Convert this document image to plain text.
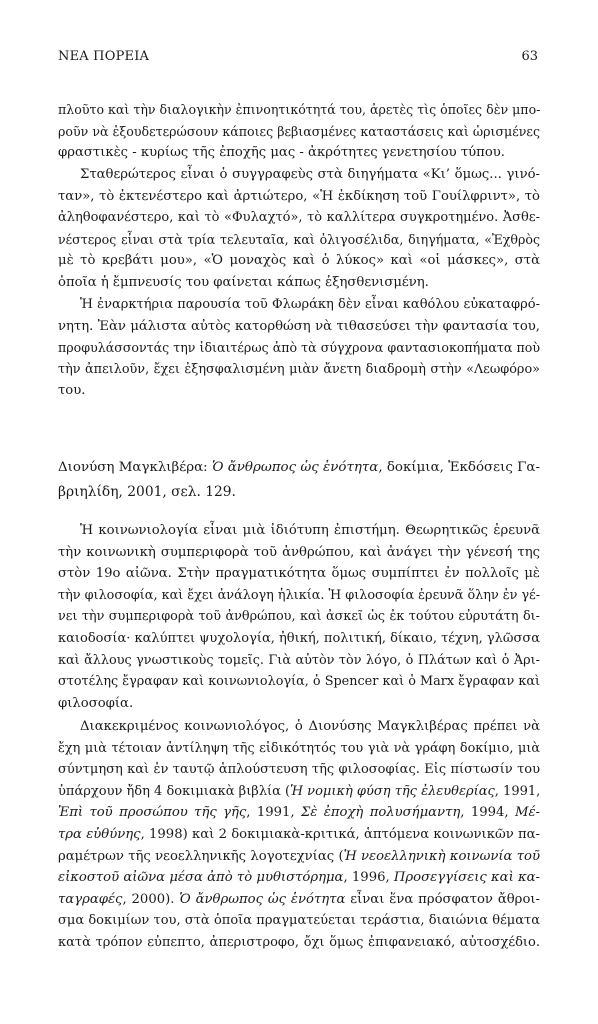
ΝΕΑ ΠΟΡΕΙΑ	63
πλοῦτο καὶ τὴν διαλογικὴν ἐπινοητικότητά του, ἀρετὲς τὶς ὁποῖες δὲν μπο-
ροῦν νὰ ἐξουδετερώσουν κάποιες βεβιασμένες καταστάσεις καὶ ὡρισμένες
φραστικὲς - κυρίως τῆς ἐποχῆς μας - ἀκρότητες γενετησίου τύπου.
Σταθερώτερος εἶναι ὁ συγγραφεὺς στὰ διηγήματα «Κι’ ὅμως... γινό-
ταν», τὸ ἐκτενέστερο καὶ ἀρτιώτερο, «Ἡ ἐκδίκηση τοῦ Γουίλφριντ», τὸ
ἀληθοφανέστερο, καὶ τὸ «Φυλαχτό», τὸ καλλίτερα συγκροτημένο. Ἀσθε-
νέστερος εἶναι στὰ τρία τελευταῖα, καὶ ὀλιγοσέλιδα, διηγήματα, «Ἐχθρὸς
μὲ τὸ κρεβάτι μου», «Ὁ μοναχὸς καὶ ὁ λύκος» καὶ «οἱ μάσκες», στὰ
ὁποῖα ἡ ἔμπνευσίς του φαίνεται κάπως ἐξησθενισμένη.
Ἡ ἐναρκτήρια παρουσία τοῦ Φλωράκη δὲν εἶναι καθόλου εὐκαταφρό-
νητη. Ἐὰν μάλιστα αὐτὸς κατορθώση νὰ τιθασεύσει τὴν φαντασία του,
προφυλάσσοντάς την ἰδιαιτέρως ἀπὸ τὰ σύγχρονα φαντασιοκοπήματα ποὺ
τὴν ἀπειλοῦν, ἔχει ἐξησφαλισμένη μιὰν ἄνετη διαδρομὴ στὴν «Λεωφόρο»
του.
Διονύση Μαγκλιβέρα: Ὁ ἄνθρωπος ὡς ἑνότητα, δοκίμια, Ἐκδόσεις Γα-
βριηλίδη, 2001, σελ. 129.
Ἡ κοινωνιολογία εἶναι μιὰ ἰδιότυπη ἐπιστήμη. Θεωρητικῶς ἐρευνᾶ
τὴν κοινωνικὴ συμπεριφορὰ τοῦ ἀνθρώπου, καὶ ἀνάγει τὴν γένεσή της
στὸν 19ο αἰῶνα. Στὴν πραγματικότητα ὅμως συμπίπτει ἐν πολλοῖς μὲ
τὴν φιλοσοφία, καὶ ἔχει ἀνάλογη ἡλικία. Ἡ φιλοσοφία ἐρευνᾶ ὅλην ἐν γέ-
νει τὴν συμπεριφορὰ τοῦ ἀνθρώπου, καὶ ἀσκεῖ ὡς ἐκ τούτου εὐρυτάτη δι-
καιοδοσία· καλύπτει ψυχολογία, ἠθική, πολιτική, δίκαιο, τέχνη, γλῶσσα
καὶ ἄλλους γνωστικοὺς τομεῖς. Γιὰ αὐτὸν τὸν λόγο, ὁ Πλάτων καὶ ὁ Ἀρι-
στοτέλης ἔγραφαν καὶ κοινωνιολογία, ὁ Spencer καὶ ὁ Marx ἔγραφαν καὶ
φιλοσοφία.
Διακεκριμένος κοινωνιολόγος, ὁ Διονύσης Μαγκλιβέρας πρέπει νὰ
ἔχη μιὰ τέτοιαν ἀντίληψη τῆς εἰδικότητός του γιὰ νὰ γράφη δοκίμιο, μιὰ
σύντμηση καὶ ἐν ταυτῷ ἁπλούστευση τῆς φιλοσοφίας. Εἰς πίστωσίν του
ὑπάρχουν ἤδη 4 δοκιμιακὰ βιβλία (Ἡ νομικὴ φύση τῆς ἐλευθερίας, 1991,
Ἐπὶ τοῦ προσώπου τῆς γῆς, 1991, Σὲ ἐποχὴ πολυσήμαντη, 1994, Μέ-
τρα εὐθύνης, 1998) καὶ 2 δοκιμιακὰ-κριτικά, ἁπτόμενα κοινωνικῶν πα-
ραμέτρων τῆς νεοελληνικῆς λογοτεχνίας (Ἡ νεοελληνικὴ κοινωνία τοῦ
εἰκοστοῦ αἰῶνα μέσα ἀπὸ τὸ μυθιστόρημα, 1996, Προσεγγίσεις καὶ κα-
ταγραφές, 2000). Ὁ ἄνθρωπος ὡς ἑνότητα εἶναι ἕνα πρόσφατον ἄθροι-
σμα δοκιμίων του, στὰ ὁποῖα πραγματεύεται τεράστια, διαιώνια θέματα
κατὰ τρόπον εὐπεπτο, ἀπεριστροφο, ὄχι ὅμως ἐπιφανειακό, αὐτοσχέδιο.
